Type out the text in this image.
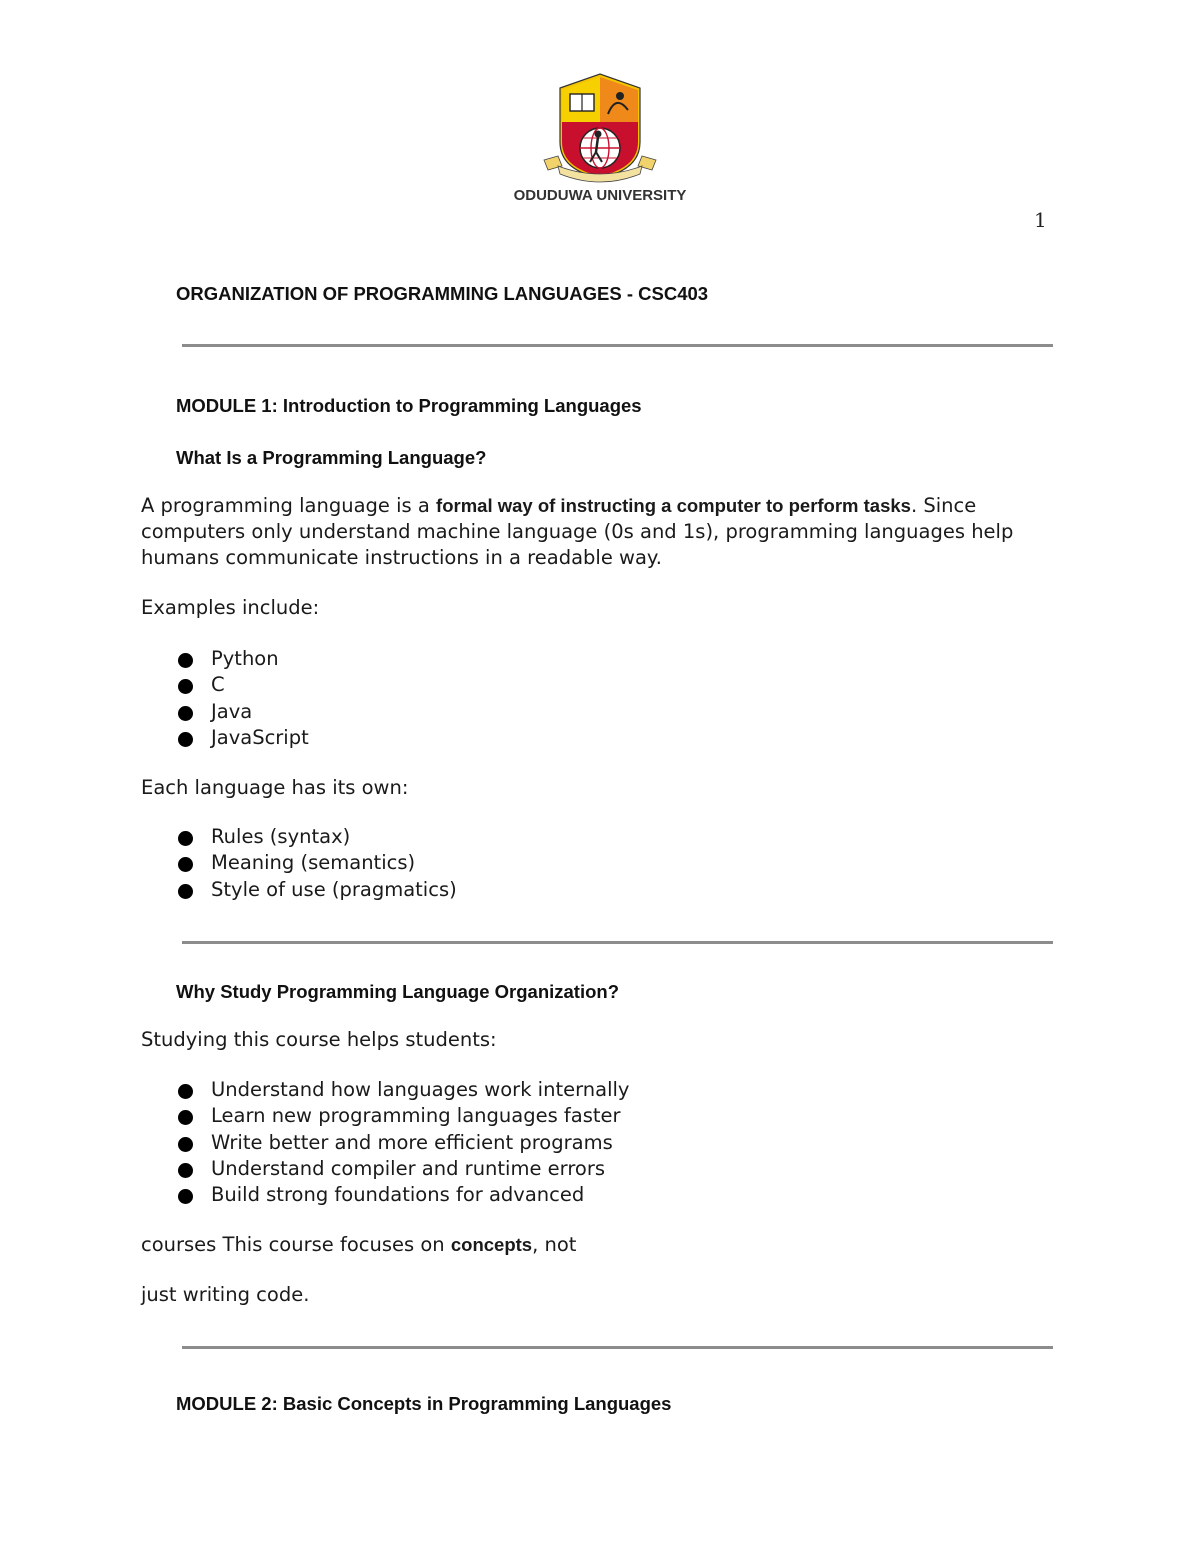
ODUDUWA UNIVERSITY
1
ORGANIZATION OF PROGRAMMING LANGUAGES - CSC403
MODULE 1: Introduction to Programming Languages
What Is a Programming Language?
A programming language is a formal way of instructing a computer to perform tasks. Since
computers only understand machine language (0s and 1s), programming languages help
humans communicate instructions in a readable way.
Examples include:
Python
C
Java
JavaScript
Each language has its own:
Rules (syntax)
Meaning (semantics)
Style of use (pragmatics)
Why Study Programming Language Organization?
Studying this course helps students:
Understand how languages work internally
Learn new programming languages faster
Write better and more efficient programs
Understand compiler and runtime errors
Build strong foundations for advanced
courses This course focuses on concepts, not
just writing code.
MODULE 2: Basic Concepts in Programming Languages
